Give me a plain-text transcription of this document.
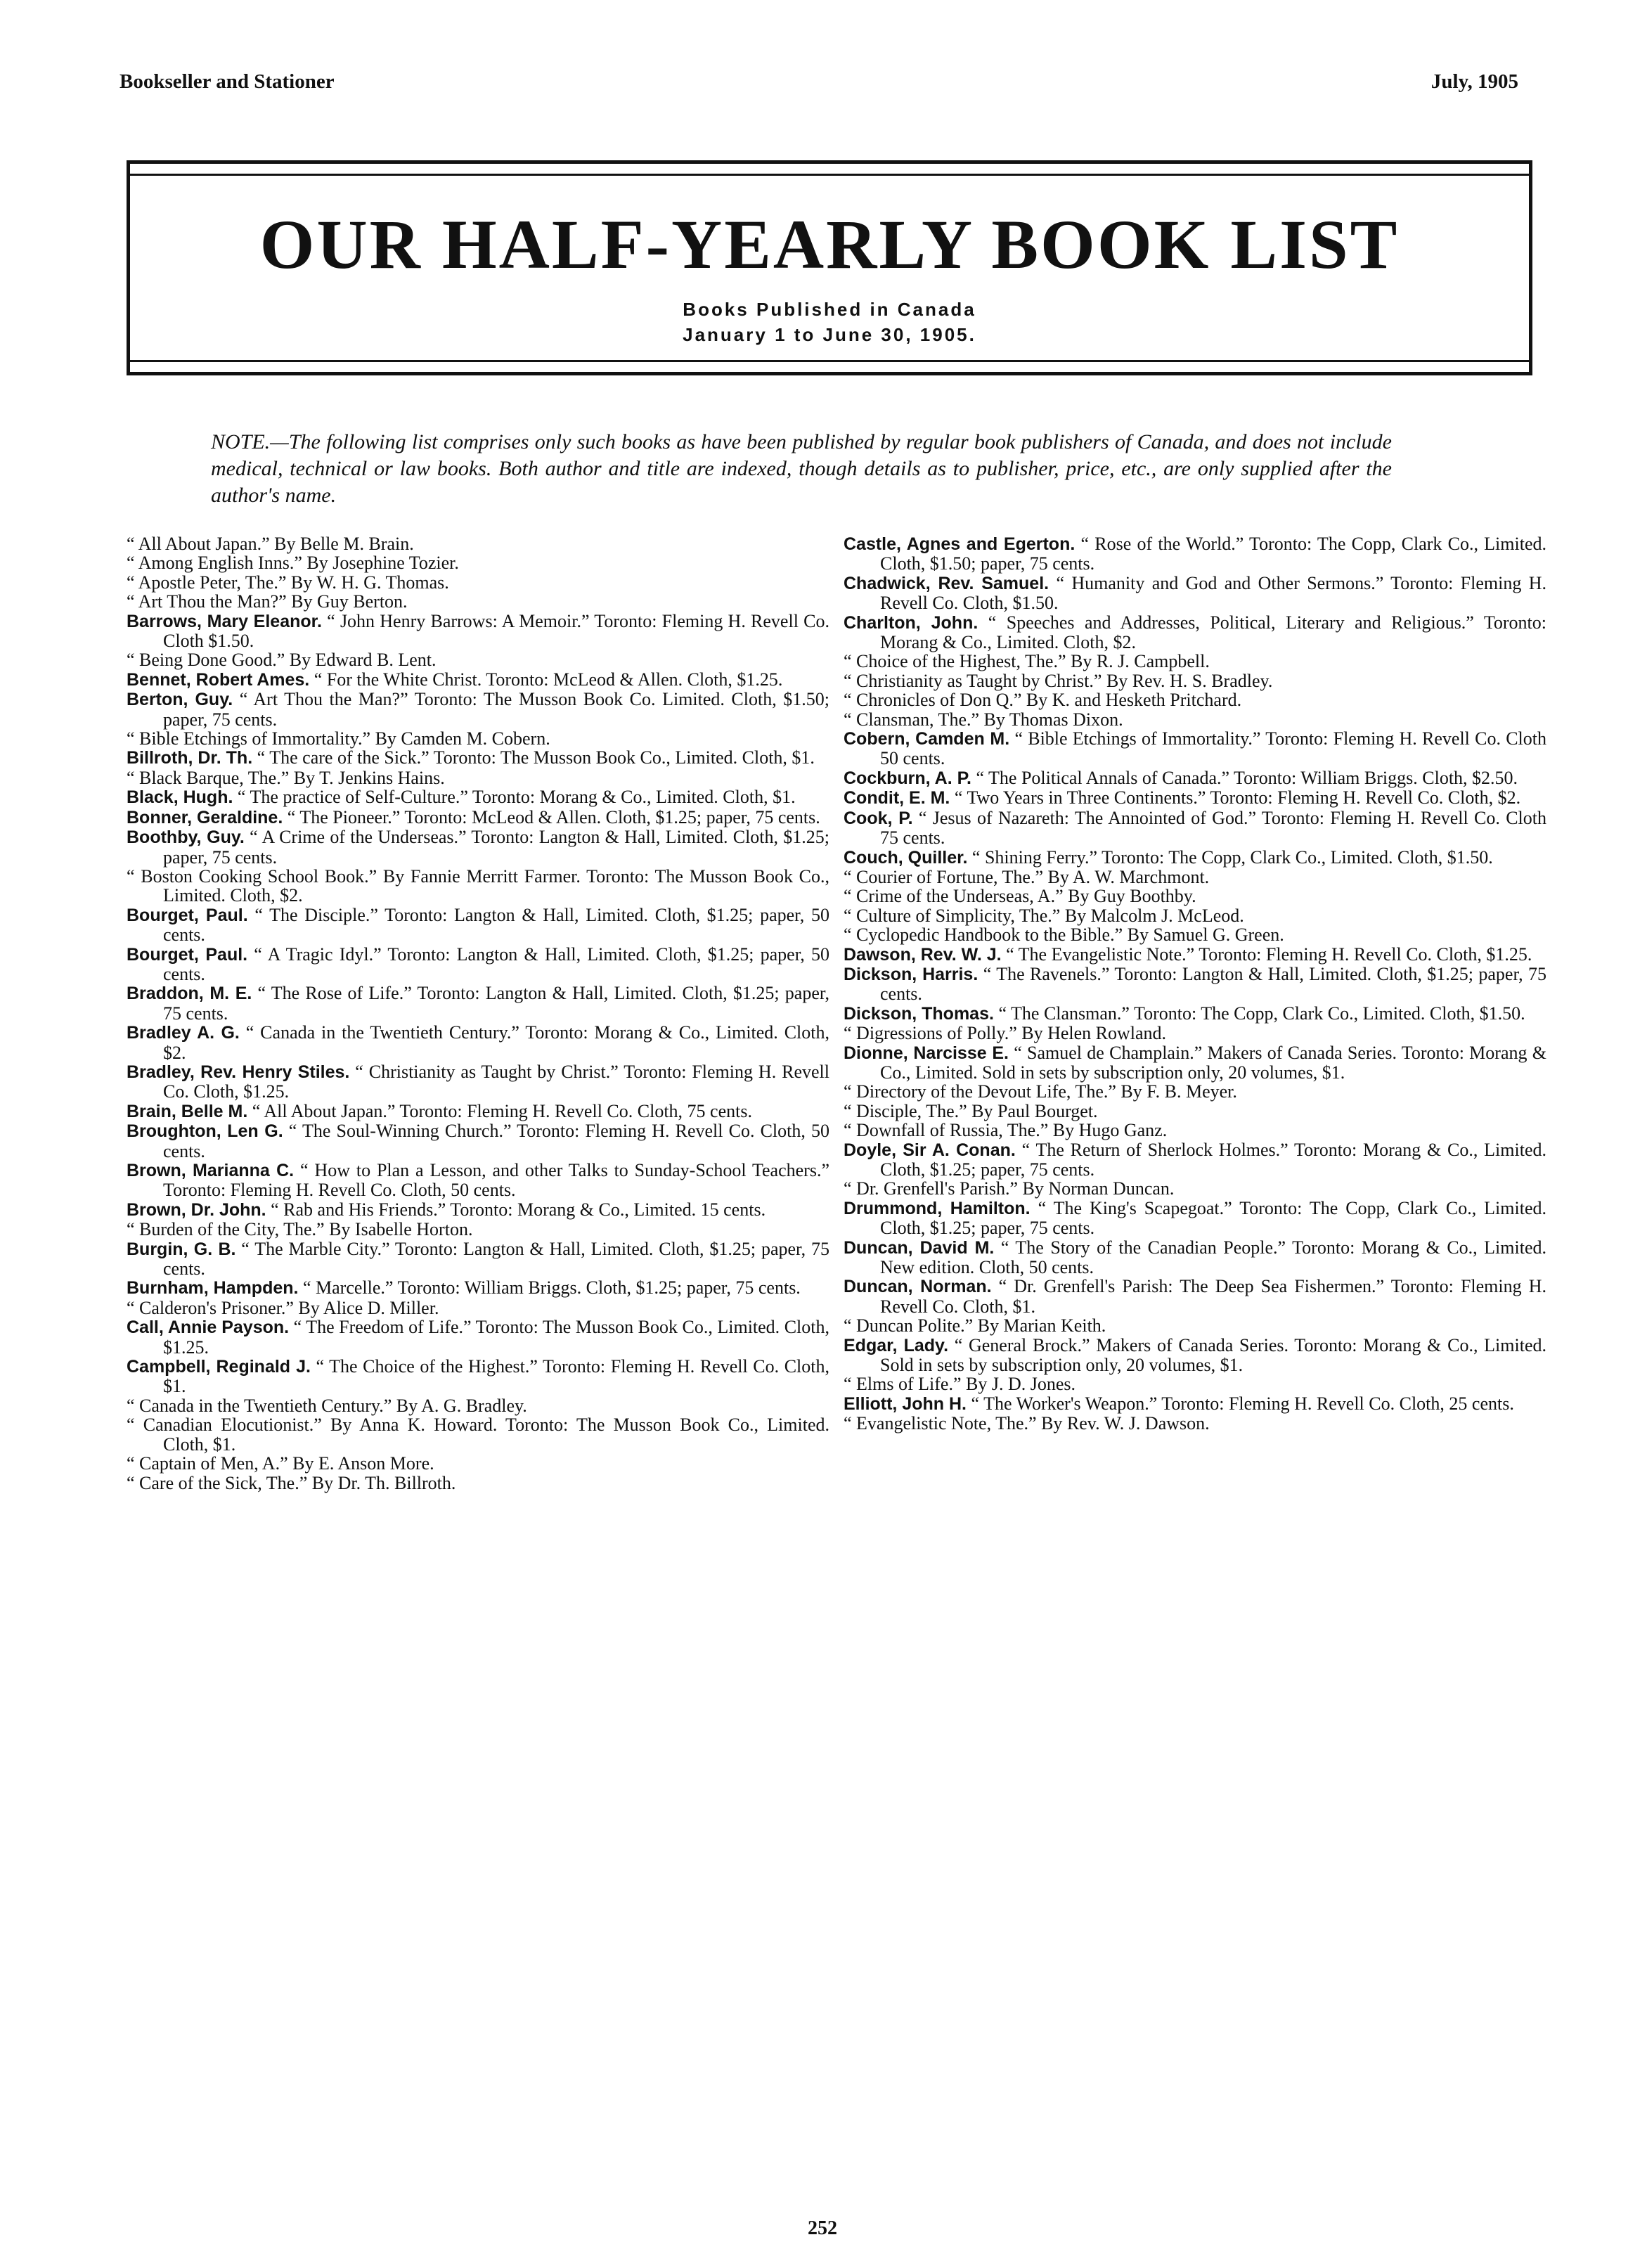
Bookseller and Stationer	July, 1905
OUR HALF-YEARLY BOOK LIST
Books Published in Canada
January 1 to June 30, 1905.

NOTE.—The following list comprises only such books as have been published by regular book publishers of Canada, and does not include medical, technical or law books. Both author and title are indexed, though details as to publisher, price, etc., are only supplied after the author's name.

“ All About Japan.” By Belle M. Brain.

“ Among English Inns.” By Josephine Tozier.

“ Apostle Peter, The.” By W. H. G. Thomas.

“ Art Thou the Man?” By Guy Berton.

Barrows, Mary Eleanor. “ John Henry Barrows: A Memoir.” Toronto: Fleming H. Revell Co. Cloth $1.50.

“ Being Done Good.” By Edward B. Lent.

Bennet, Robert Ames. “ For the White Christ. Toronto: McLeod & Allen. Cloth, $1.25.

Berton, Guy. “ Art Thou the Man?” Toronto: The Musson Book Co. Limited. Cloth, $1.50; paper, 75 cents.

“ Bible Etchings of Immortality.” By Camden M. Cobern.

Billroth, Dr. Th. “ The care of the Sick.” Toronto: The Musson Book Co., Limited. Cloth, $1.

“ Black Barque, The.” By T. Jenkins Hains.

Black, Hugh. “ The practice of Self-Culture.” Toronto: Morang & Co., Limited. Cloth, $1.

Bonner, Geraldine. “ The Pioneer.” Toronto: McLeod & Allen. Cloth, $1.25; paper, 75 cents.

Boothby, Guy. “ A Crime of the Underseas.” Toronto: Langton & Hall, Limited. Cloth, $1.25; paper, 75 cents.

“ Boston Cooking School Book.” By Fannie Merritt Farmer. Toronto: The Musson Book Co., Limited. Cloth, $2.

Bourget, Paul. “ The Disciple.” Toronto: Langton & Hall, Limited. Cloth, $1.25; paper, 50 cents.

Bourget, Paul. “ A Tragic Idyl.” Toronto: Langton & Hall, Limited. Cloth, $1.25; paper, 50 cents.

Braddon, M. E. “ The Rose of Life.” Toronto: Langton & Hall, Limited. Cloth, $1.25; paper, 75 cents.

Bradley A. G. “ Canada in the Twentieth Century.” Toronto: Morang & Co., Limited. Cloth, $2.

Bradley, Rev. Henry Stiles. “ Christianity as Taught by Christ.” Toronto: Fleming H. Revell Co. Cloth, $1.25.

Brain, Belle M. “ All About Japan.” Toronto: Fleming H. Revell Co. Cloth, 75 cents.

Broughton, Len G. “ The Soul-Winning Church.” Toronto: Fleming H. Revell Co. Cloth, 50 cents.

Brown, Marianna C. “ How to Plan a Lesson, and other Talks to Sunday-School Teachers.” Toronto: Fleming H. Revell Co. Cloth, 50 cents.

Brown, Dr. John. “ Rab and His Friends.” Toronto: Morang & Co., Limited. 15 cents.

“ Burden of the City, The.” By Isabelle Horton.

Burgin, G. B. “ The Marble City.” Toronto: Langton & Hall, Limited. Cloth, $1.25; paper, 75 cents.

Burnham, Hampden. “ Marcelle.” Toronto: William Briggs. Cloth, $1.25; paper, 75 cents.

“ Calderon's Prisoner.” By Alice D. Miller.

Call, Annie Payson. “ The Freedom of Life.” Toronto: The Musson Book Co., Limited. Cloth, $1.25.

Campbell, Reginald J. “ The Choice of the Highest.” Toronto: Fleming H. Revell Co. Cloth, $1.

“ Canada in the Twentieth Century.” By A. G. Bradley.

“ Canadian Elocutionist.” By Anna K. Howard. Toronto: The Musson Book Co., Limited. Cloth, $1.

“ Captain of Men, A.” By E. Anson More.

“ Care of the Sick, The.” By Dr. Th. Billroth.

Castle, Agnes and Egerton. “ Rose of the World.” Toronto: The Copp, Clark Co., Limited. Cloth, $1.50; paper, 75 cents.

Chadwick, Rev. Samuel. “ Humanity and God and Other Sermons.” Toronto: Fleming H. Revell Co. Cloth, $1.50.

Charlton, John. “ Speeches and Addresses, Political, Literary and Religious.” Toronto: Morang & Co., Limited. Cloth, $2.

“ Choice of the Highest, The.” By R. J. Campbell.

“ Christianity as Taught by Christ.” By Rev. H. S. Bradley.

“ Chronicles of Don Q.” By K. and Hesketh Pritchard.

“ Clansman, The.” By Thomas Dixon.

Cobern, Camden M. “ Bible Etchings of Immortality.” Toronto: Fleming H. Revell Co. Cloth 50 cents.

Cockburn, A. P. “ The Political Annals of Canada.” Toronto: William Briggs. Cloth, $2.50.

Condit, E. M. “ Two Years in Three Continents.” Toronto: Fleming H. Revell Co. Cloth, $2.

Cook, P. “ Jesus of Nazareth: The Annointed of God.” Toronto: Fleming H. Revell Co. Cloth 75 cents.

Couch, Quiller. “ Shining Ferry.” Toronto: The Copp, Clark Co., Limited. Cloth, $1.50.

“ Courier of Fortune, The.” By A. W. Marchmont.

“ Crime of the Underseas, A.” By Guy Boothby.

“ Culture of Simplicity, The.” By Malcolm J. McLeod.

“ Cyclopedic Handbook to the Bible.” By Samuel G. Green.

Dawson, Rev. W. J. “ The Evangelistic Note.” Toronto: Fleming H. Revell Co. Cloth, $1.25.

Dickson, Harris. “ The Ravenels.” Toronto: Langton & Hall, Limited. Cloth, $1.25; paper, 75 cents.

Dickson, Thomas. “ The Clansman.” Toronto: The Copp, Clark Co., Limited. Cloth, $1.50.

“ Digressions of Polly.” By Helen Rowland.

Dionne, Narcisse E. “ Samuel de Champlain.” Makers of Canada Series. Toronto: Morang & Co., Limited. Sold in sets by subscription only, 20 volumes, $1.

“ Directory of the Devout Life, The.” By F. B. Meyer.

“ Disciple, The.” By Paul Bourget.

“ Downfall of Russia, The.” By Hugo Ganz.

Doyle, Sir A. Conan. “ The Return of Sherlock Holmes.” Toronto: Morang & Co., Limited. Cloth, $1.25; paper, 75 cents.

“ Dr. Grenfell's Parish.” By Norman Duncan.

Drummond, Hamilton. “ The King's Scapegoat.” Toronto: The Copp, Clark Co., Limited. Cloth, $1.25; paper, 75 cents.

Duncan, David M. “ The Story of the Canadian People.” Toronto: Morang & Co., Limited. New edition. Cloth, 50 cents.

Duncan, Norman. “ Dr. Grenfell's Parish: The Deep Sea Fishermen.” Toronto: Fleming H. Revell Co. Cloth, $1.

“ Duncan Polite.” By Marian Keith.

Edgar, Lady. “ General Brock.” Makers of Canada Series. Toronto: Morang & Co., Limited. Sold in sets by subscription only, 20 volumes, $1.

“ Elms of Life.” By J. D. Jones.

Elliott, John H. “ The Worker's Weapon.” Toronto: Fleming H. Revell Co. Cloth, 25 cents.

“ Evangelistic Note, The.” By Rev. W. J. Dawson.

252
